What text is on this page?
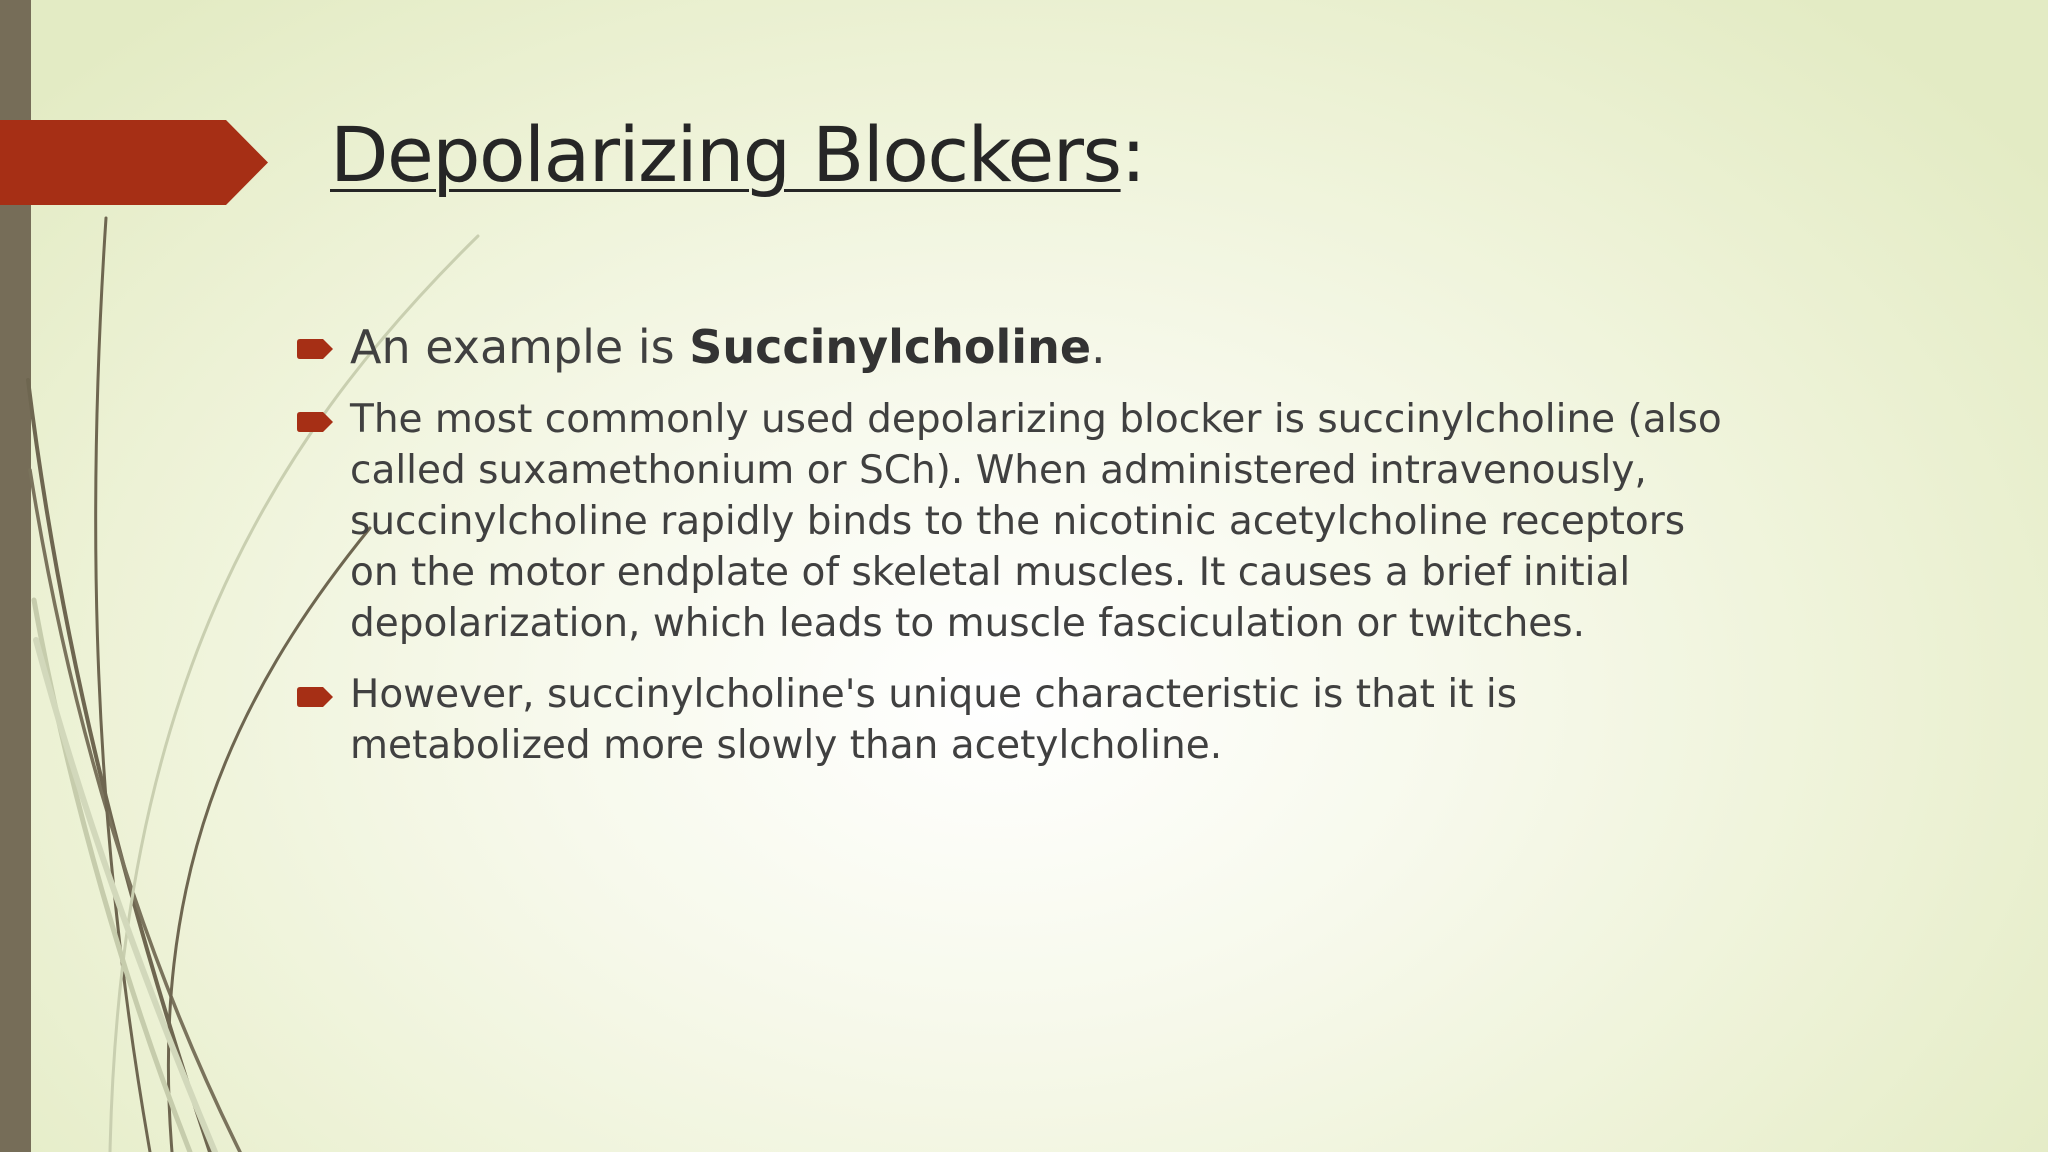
Depolarizing Blockers:
An example is Succinylcholine.
The most commonly used depolarizing blocker is succinylcholine (also called suxamethonium or SCh). When administered intravenously, succinylcholine rapidly binds to the nicotinic acetylcholine receptors on the motor endplate of skeletal muscles. It causes a brief initial depolarization, which leads to muscle fasciculation or twitches.
However, succinylcholine's unique characteristic is that it is metabolized more slowly than acetylcholine.
